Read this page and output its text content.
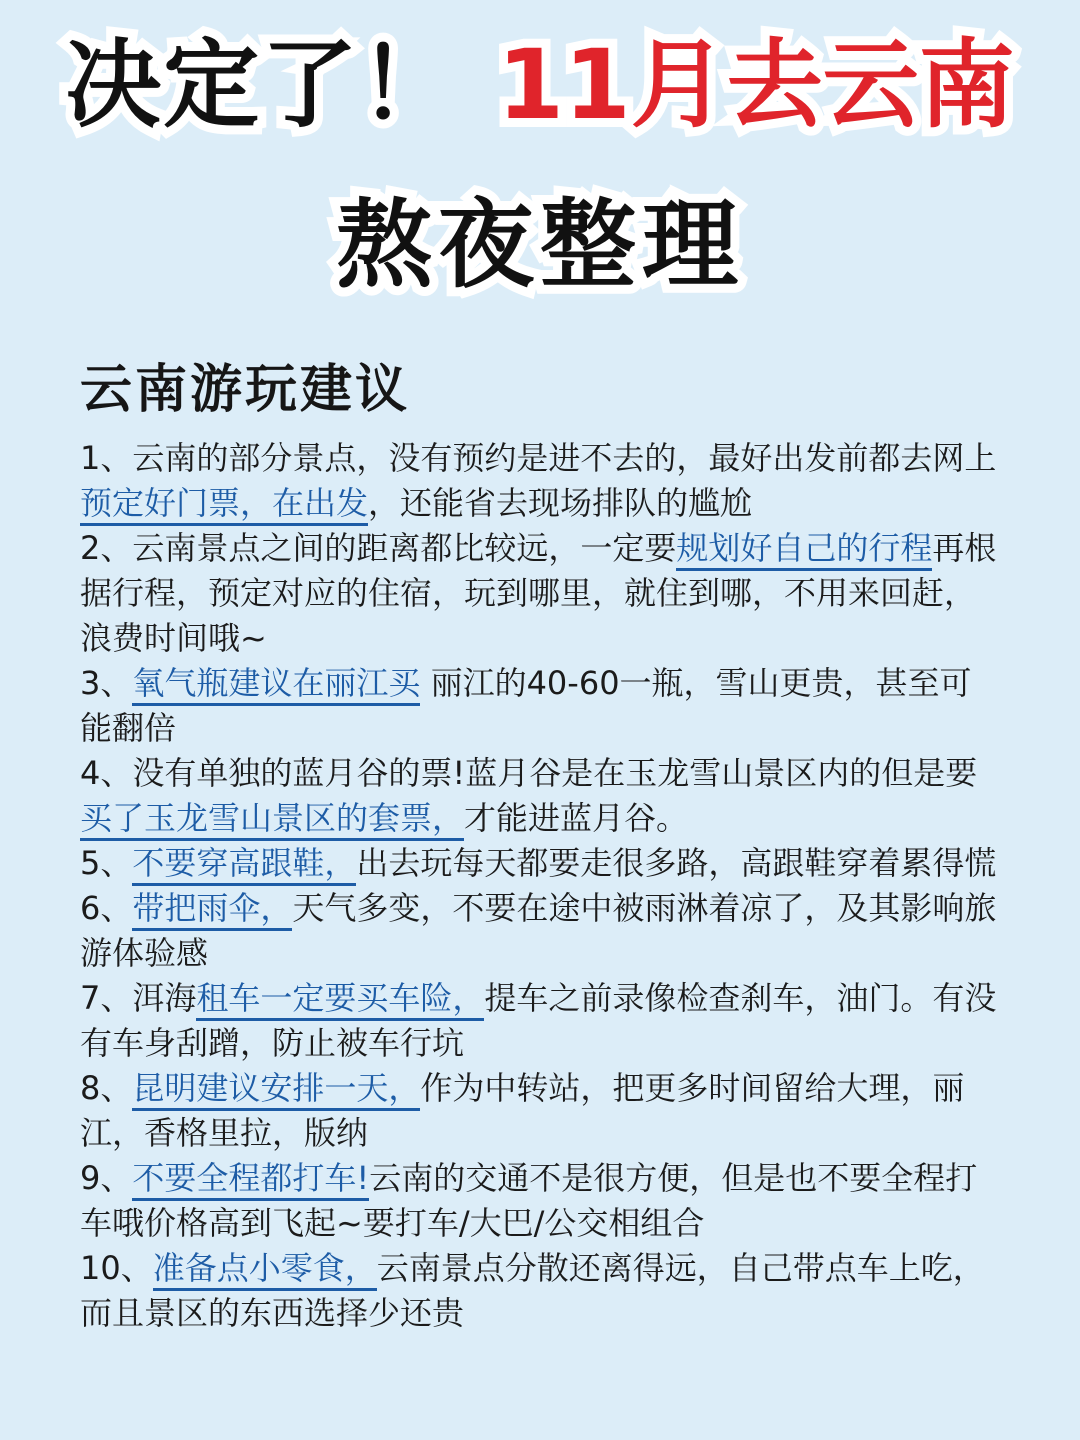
决定了！ 11月去云南
熬夜整理
云南游玩建议

1、云南的部分景点，没有预约是进不去的，最好出发前都去网上预定好门票，在出发，还能省去现场排队的尴尬

2、云南景点之间的距离都比较远，一定要规划好自己的行程再根据行程，预定对应的住宿，玩到哪里，就住到哪，不用来回赶，浪费时间哦~

3、氧气瓶建议在丽江买 丽江的40-60一瓶，雪山更贵，甚至可能翻倍

4、没有单独的蓝月谷的票!蓝月谷是在玉龙雪山景区内的但是要买了玉龙雪山景区的套票，才能进蓝月谷。

5、不要穿高跟鞋，出去玩每天都要走很多路，高跟鞋穿着累得慌

6、带把雨伞，天气多变，不要在途中被雨淋着凉了，及其影响旅游体验感

7、洱海租车一定要买车险，提车之前录像检查刹车，油门。有没有车身刮蹭，防止被车行坑

8、昆明建议安排一天，作为中转站，把更多时间留给大理，丽江，香格里拉，版纳

9、不要全程都打车!云南的交通不是很方便，但是也不要全程打车哦价格高到飞起~要打车/大巴/公交相组合

10、准备点小零食，云南景点分散还离得远，自己带点车上吃，而且景区的东西选择少还贵
